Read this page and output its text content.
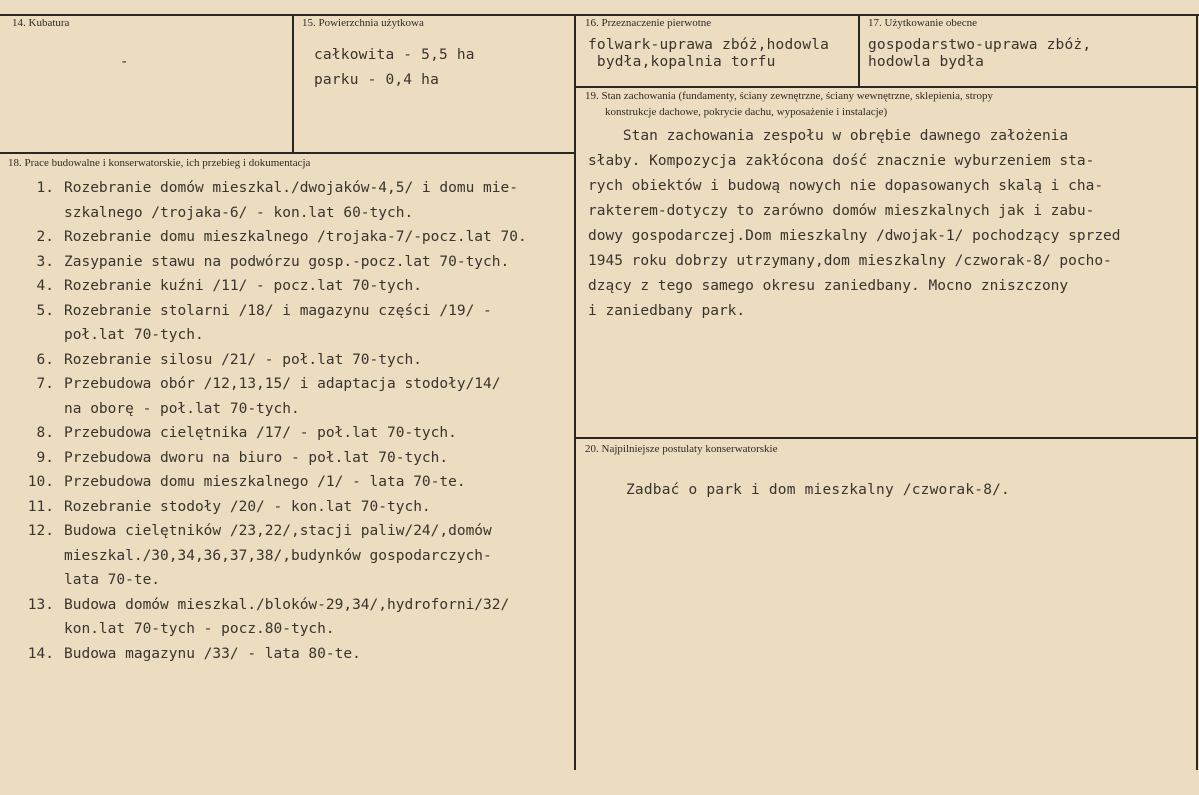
14. Kubatura
-
15. Powierzchnia użytkowa
całkowita - 5,5 ha
parku - 0,4 ha
16. Przeznaczenie pierwotne
folwark-uprawa zbóż,hodowla
bydła,kopalnia torfu
17. Użytkowanie obecne
gospodarstwo-uprawa zbóż,
hodowla bydła
18. Prace budowalne i konserwatorskie, ich przebieg i dokumentacja
1. Rozebranie domów mieszkal./dwojaków-4,5/ i domu mie-
szkalnego /trojaka-6/ - kon.lat 60-tych.
2. Rozebranie domu mieszkalnego /trojaka-7/-pocz.lat 70.
3. Zasypanie stawu na podwórzu gosp.-pocz.lat 70-tych.
4. Rozebranie kuźni /11/ - pocz.lat 70-tych.
5. Rozebranie stolarni /18/ i magazynu części /19/ -
poł.lat 70-tych.
6. Rozebranie silosu /21/ - poł.lat 70-tych.
7. Przebudowa obór /12,13,15/ i adaptacja stodoły/14/
na oborę - poł.lat 70-tych.
8. Przebudowa cielętnika /17/ - poł.lat 70-tych.
9. Przebudowa dworu na biuro - poł.lat 70-tych.
10. Przebudowa domu mieszkalnego /1/ - lata 70-te.
11. Rozebranie stodoły /20/ - kon.lat 70-tych.
12. Budowa cielętników /23,22/,stacji paliw/24/,domów
mieszkal./30,34,36,37,38/,budynków gospodarczych-
lata 70-te.
13. Budowa domów mieszkal./bloków-29,34/,hydroforni/32/
kon.lat 70-tych - pocz.80-tych.
14. Budowa magazynu /33/ - lata 80-te.
19. Stan zachowania (fundamenty, ściany zewnętrzne, ściany wewnętrzne, sklepienia, stropy
konstrukcje dachowe, pokrycie dachu, wyposażenie i instalacje)
Stan zachowania zespołu w obrębie dawnego założenia
słaby. Kompozycja zakłócona dość znacznie wyburzeniem sta-
rych obiektów i budową nowych nie dopasowanych skalą i cha-
rakterem-dotyczy to zarówno domów mieszkalnych jak i zabu-
dowy gospodarczej.Dom mieszkalny /dwojak-1/ pochodzący sprzed
1945 roku dobrzy utrzymany,dom mieszkalny /czworak-8/ pocho-
dzący z tego samego okresu zaniedbany. Mocno zniszczony
i zaniedbany park.
20. Najpilniejsze postulaty konserwatorskie
Zadbać o park i dom mieszkalny /czworak-8/.
